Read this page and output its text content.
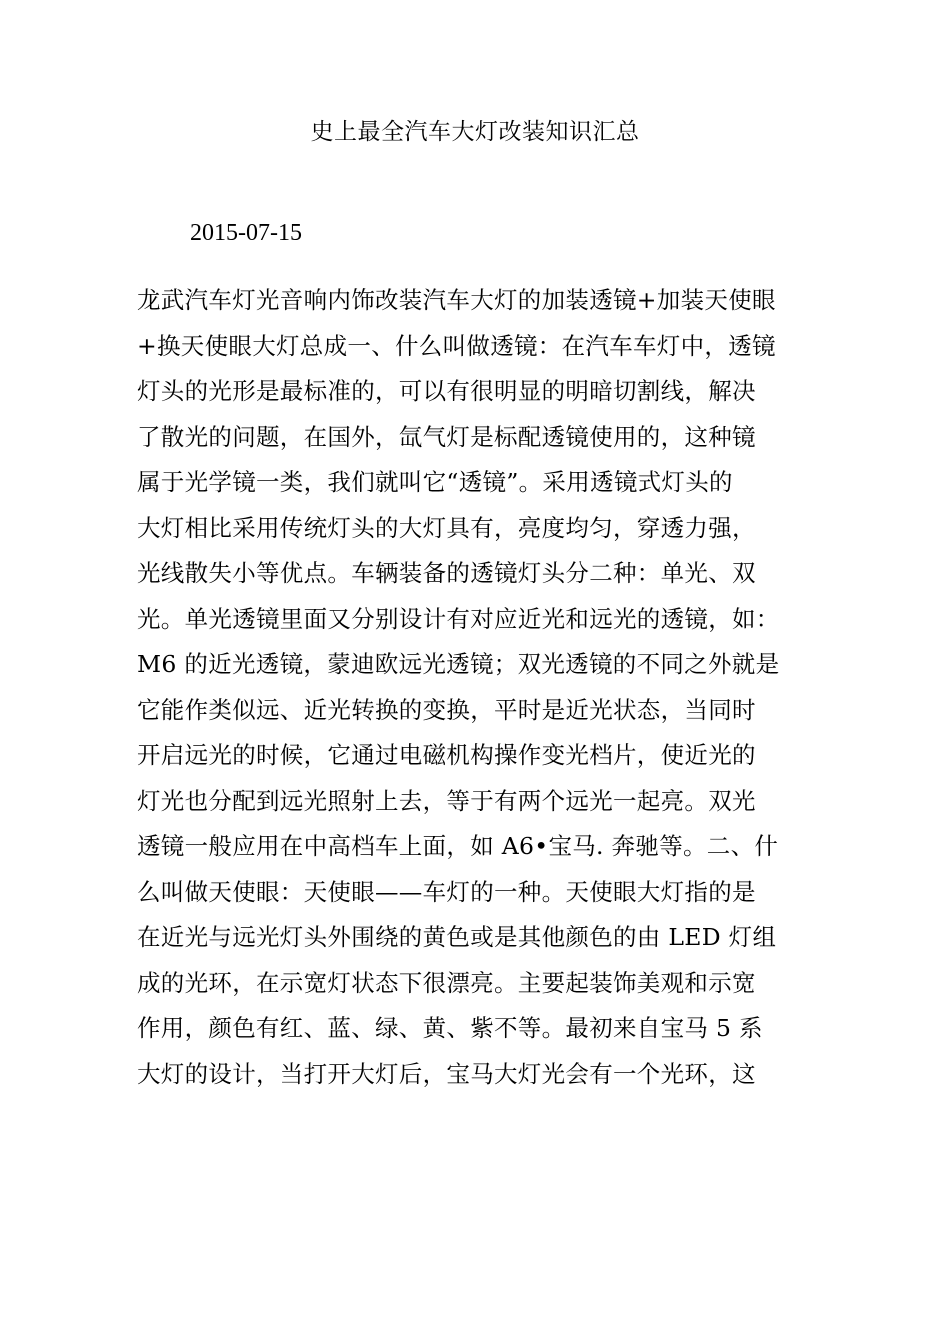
史上最全汽车大灯改装知识汇总
2015-07-15
龙武汽车灯光音响内饰改装汽车大灯的加装透镜+加装天使眼
+换天使眼大灯总成一、什么叫做透镜：在汽车车灯中，透镜
灯头的光形是最标准的，可以有很明显的明暗切割线，解决
了散光的问题，在国外，氙气灯是标配透镜使用的，这种镜
属于光学镜一类，我们就叫它“透镜”。采用透镜式灯头的
大灯相比采用传统灯头的大灯具有，亮度均匀，穿透力强，
光线散失小等优点。车辆装备的透镜灯头分二种：单光、双
光。单光透镜里面又分别设计有对应近光和远光的透镜，如：
M6 的近光透镜，蒙迪欧远光透镜；双光透镜的不同之外就是
它能作类似远、近光转换的变换，平时是近光状态，当同时
开启远光的时候，它通过电磁机构操作变光档片，使近光的
灯光也分配到远光照射上去，等于有两个远光一起亮。双光
透镜一般应用在中高档车上面，如 A6•宝马. 奔驰等。二、什
么叫做天使眼：天使眼——车灯的一种。天使眼大灯指的是
在近光与远光灯头外围绕的黄色或是其他颜色的由 LED 灯组
成的光环，在示宽灯状态下很漂亮。主要起装饰美观和示宽
作用，颜色有红、蓝、绿、黄、紫不等。最初来自宝马 5 系
大灯的设计，当打开大灯后，宝马大灯光会有一个光环，这
